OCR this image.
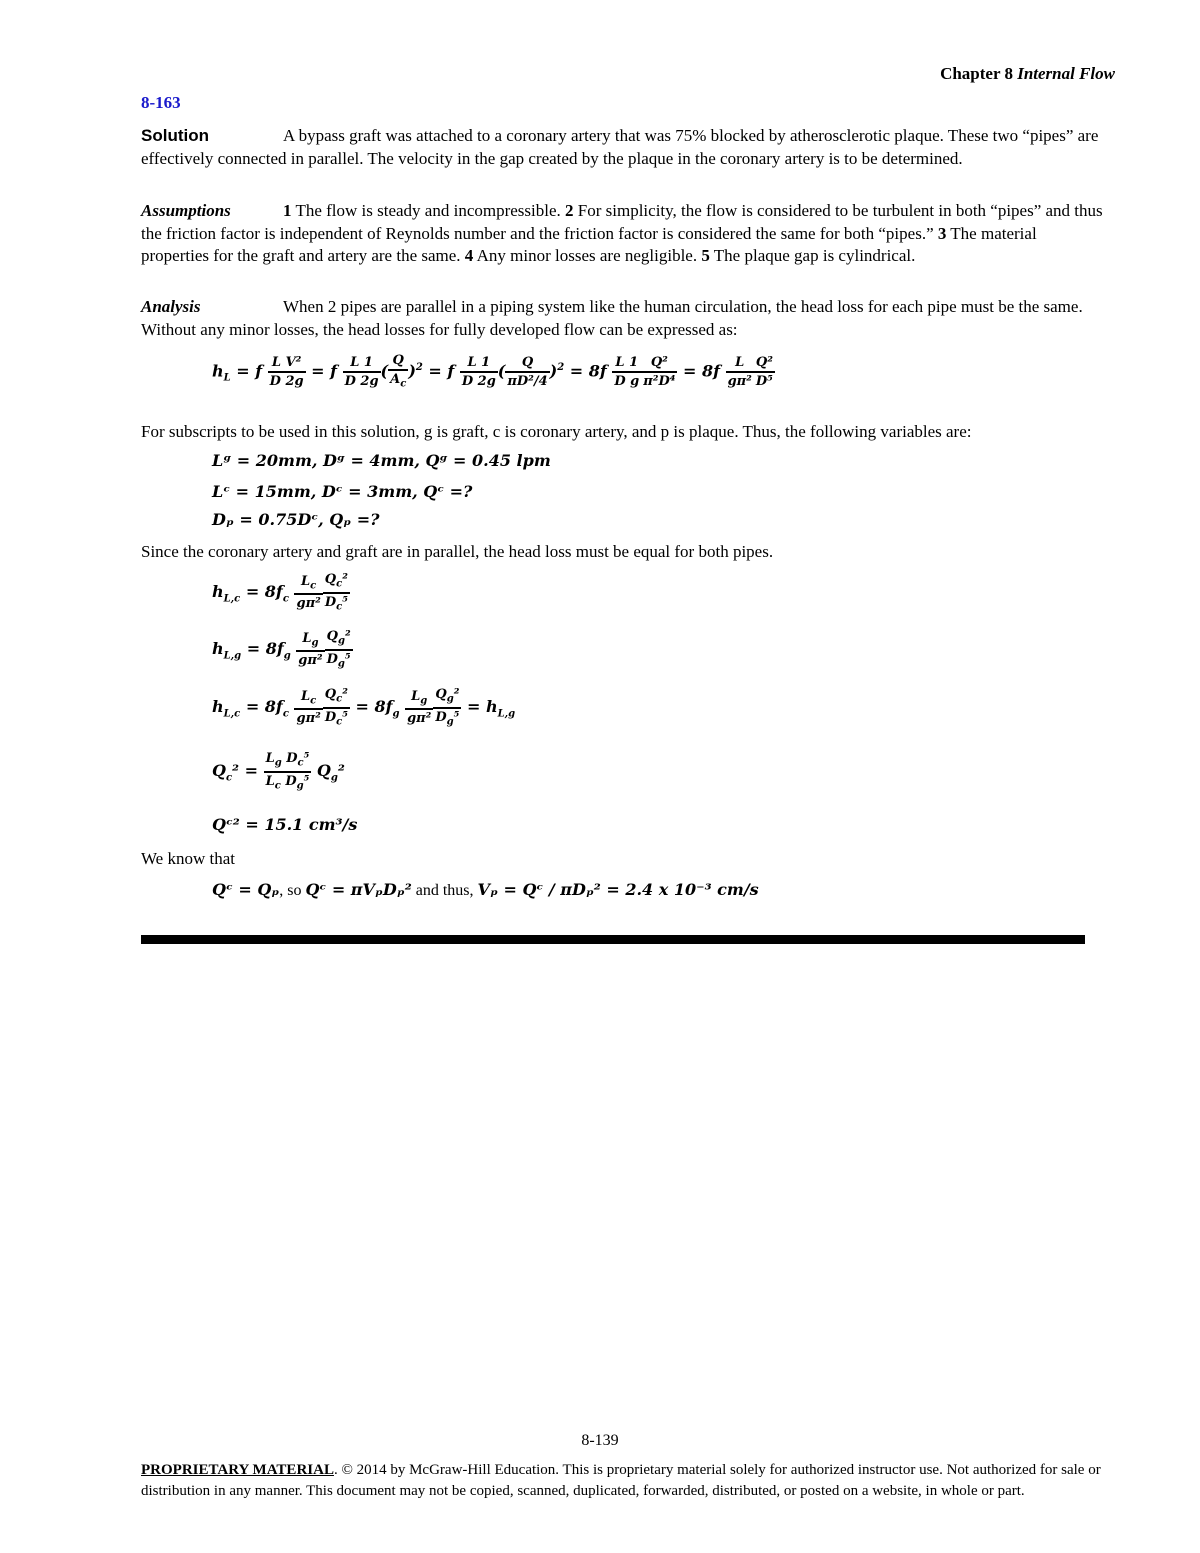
Chapter 8 Internal Flow
8-163
Solution	A bypass graft was attached to a coronary artery that was 75% blocked by atherosclerotic plaque. These two “pipes” are effectively connected in parallel. The velocity in the gap created by the plaque in the coronary artery is to be determined.
Assumptions	1 The flow is steady and incompressible. 2 For simplicity, the flow is considered to be turbulent in both “pipes” and thus the friction factor is independent of Reynolds number and the friction factor is considered the same for both “pipes.” 3 The material properties for the graft and artery are the same. 4 Any minor losses are negligible. 5 The plaque gap is cylindrical.
Analysis	When 2 pipes are parallel in a piping system like the human circulation, the head loss for each pipe must be the same. Without any minor losses, the head losses for fully developed flow can be expressed as:
$h_L = f \frac{\text{L V²}}{D 2g} = f \frac{L 1}{D 2g}$ ( $\frac{Q}{A_c} )^2 = f \frac{L 1}{D 2g}$ ( $\frac{Q}{\text{πD²/4}} )^2 = 8f \frac{L 1}{\text{D g}} \frac{\text{Q²}}{\text{π²D⁴}} = 8f \frac{L}{\text{gπ²}} \frac{\text{Q²}}{\text{D⁵}}$
For subscripts to be used in this solution, g is graft, c is coronary artery, and p is plaque. Thus, the following variables are:
Lᵍ = 20mm, Dᵍ = 4mm, Qᵍ = 0.45 lpm
Lᶜ = 15mm, Dᶜ = 3mm, Qᶜ =?
Dₚ = 0.75Dᶜ, Qₚ =?
Since the coronary artery and graft are in parallel, the head loss must be equal for both pipes.
$h_{L,c} = 8f_c \frac{L_c}{\text{gπ²}} \frac{Q_c^2}{D_c^5}$
$h_{L,g} = 8f_g \frac{L_g}{\text{gπ²}} \frac{Q_g^2}{D_g^5}$
$h_{L,c} = 8f_c \frac{L_c}{\text{gπ²}} \frac{Q_c^2}{D_c^5} = 8f_g \frac{L_g}{\text{gπ²}} \frac{Q_g^2}{D_g^5} = h_{L,g}$
$Q_c^2 = \frac{L_g D_c^5}{L_c D_g^5} Q_g^2$
Qᶜ² = 15.1 cm³/s
We know that
Qᶜ = Qₚ, so Qᶜ = πVₚDₚ² and thus, Vₚ = Qᶜ / πDₚ² = 2.4 x 10⁻³ cm/s
8-139
PROPRIETARY MATERIAL. © 2014 by McGraw-Hill Education. This is proprietary material solely for authorized instructor use. Not authorized for sale or distribution in any manner. This document may not be copied, scanned, duplicated, forwarded, distributed, or posted on a website, in whole or part.
